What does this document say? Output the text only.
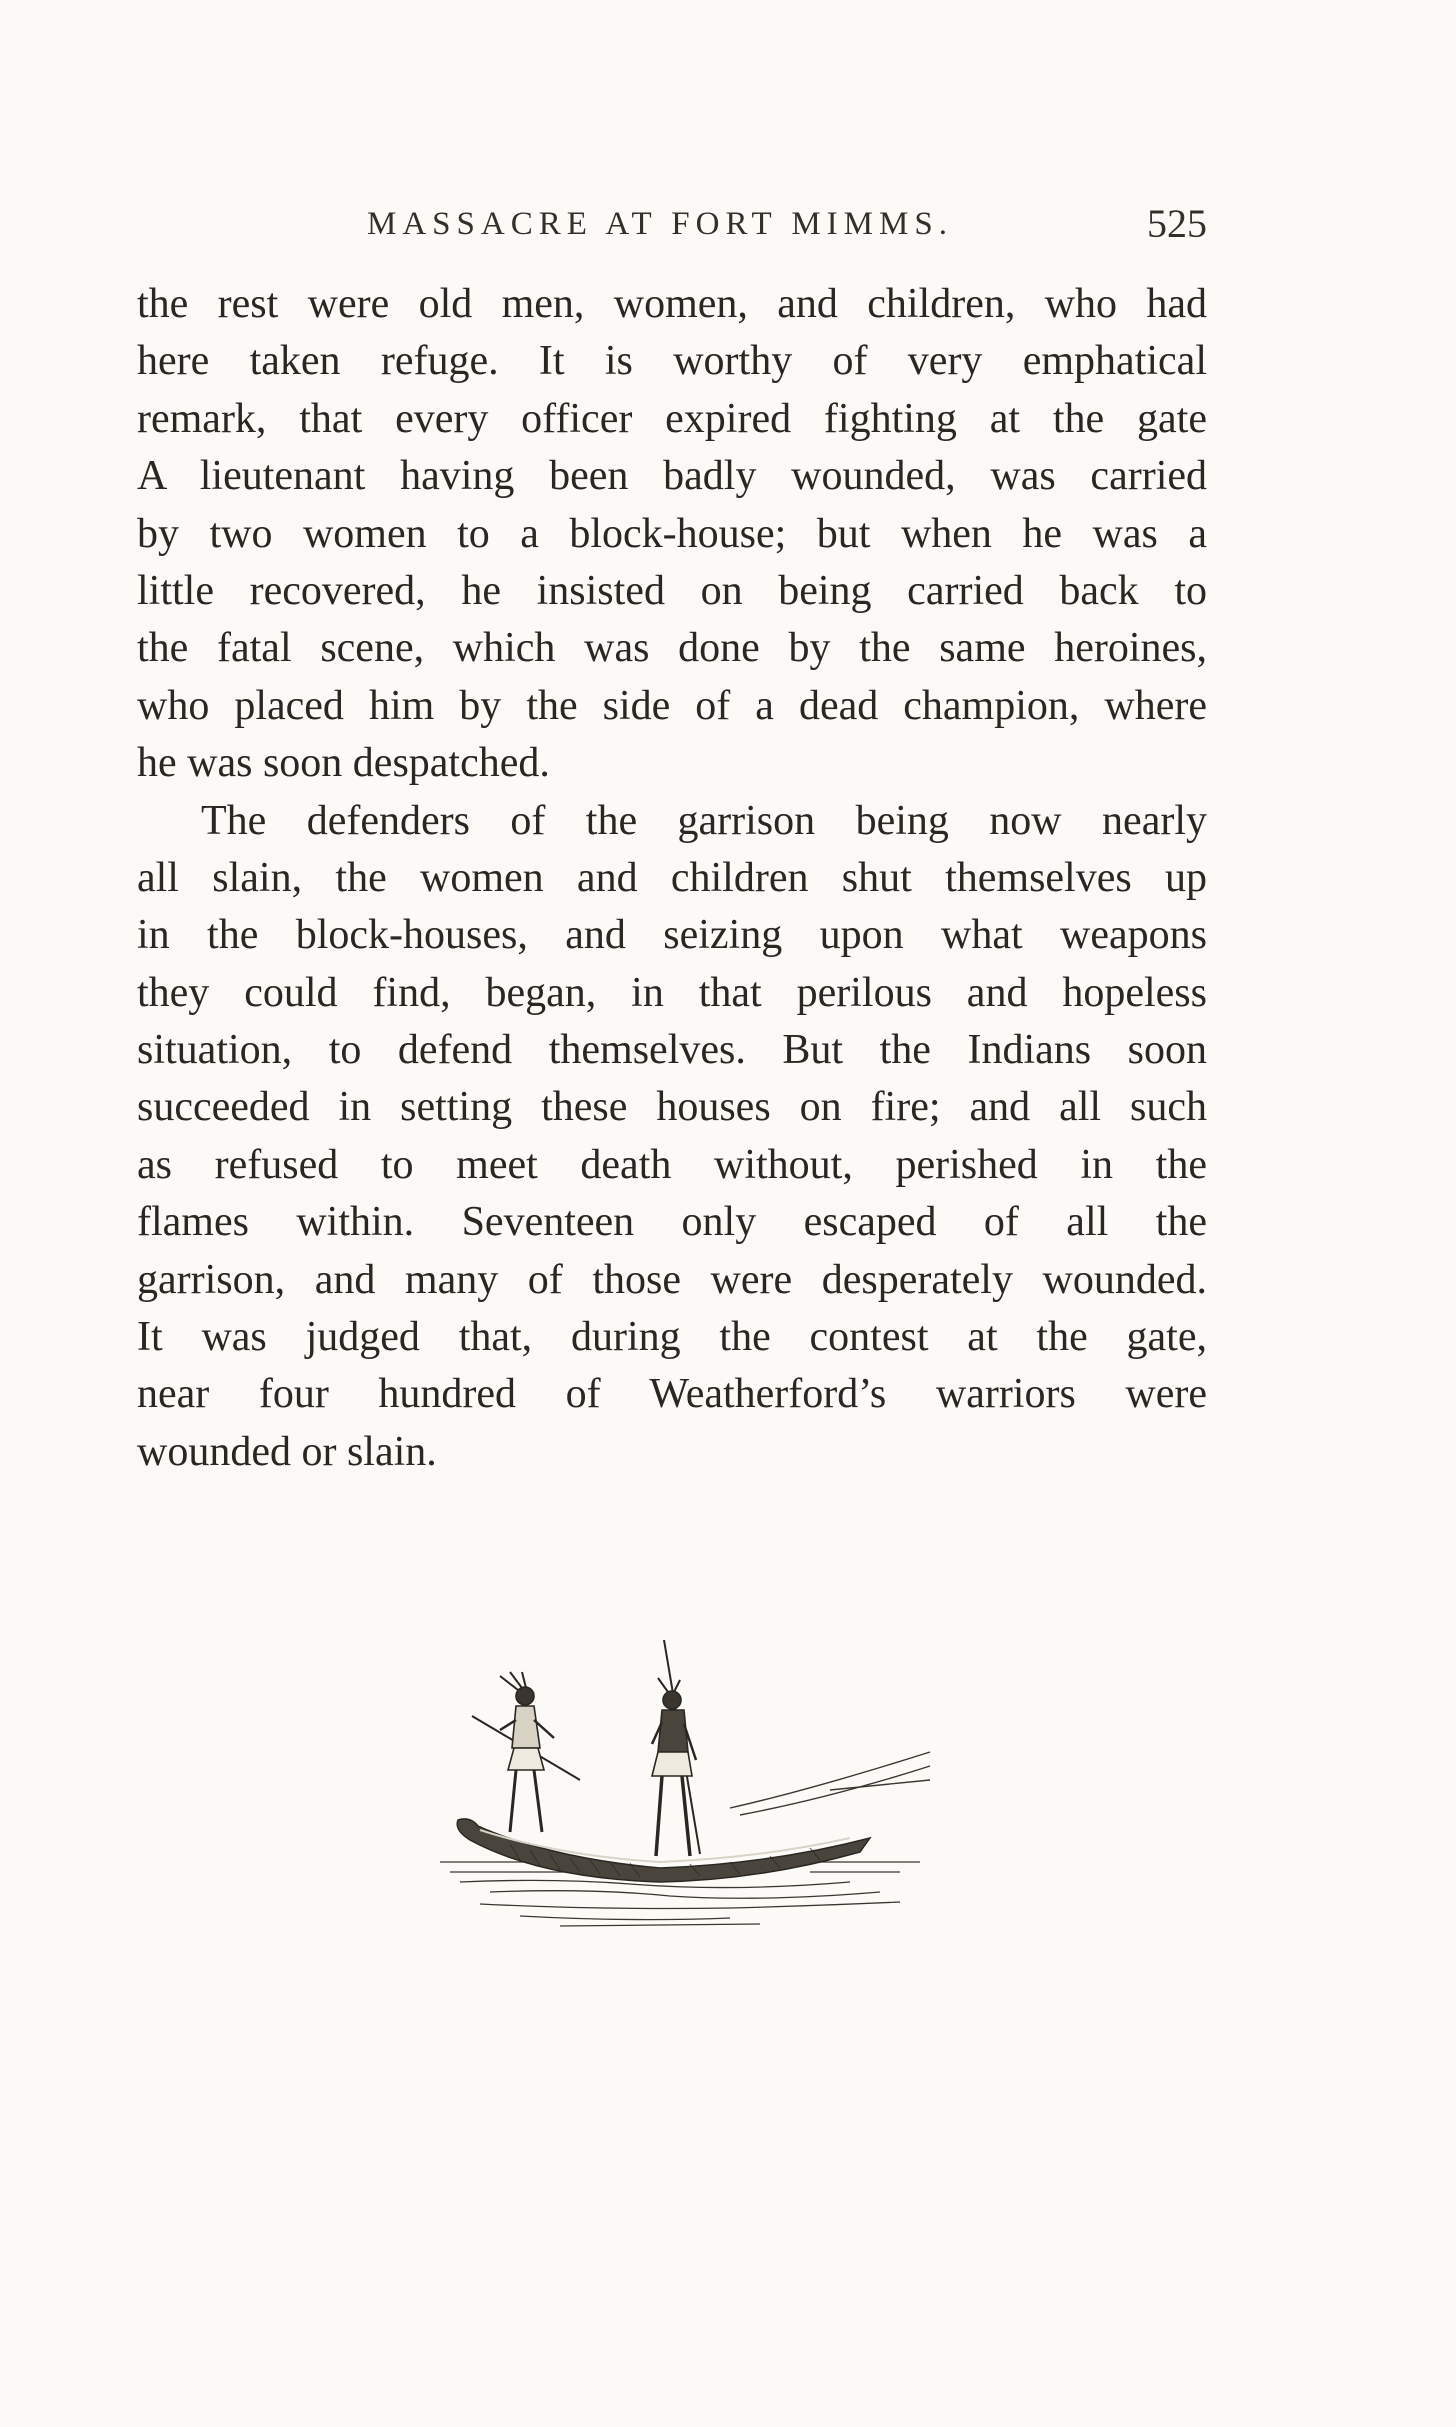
MASSACRE AT FORT MIMMS.	525
the rest were old men, women, and children, who had
here taken refuge. It is worthy of very emphatical
remark, that every officer expired fighting at the gate
A lieutenant having been badly wounded, was carried
by two women to a block-house; but when he was a
little recovered, he insisted on being carried back to
the fatal scene, which was done by the same heroines,
who placed him by the side of a dead champion, where
he was soon despatched.
The defenders of the garrison being now nearly
all slain, the women and children shut themselves up
in the block-houses, and seizing upon what weapons
they could find, began, in that perilous and hopeless
situation, to defend themselves. But the Indians soon
succeeded in setting these houses on fire; and all such
as refused to meet death without, perished in the
flames within. Seventeen only escaped of all the
garrison, and many of those were desperately wounded.
It was judged that, during the contest at the gate,
near four hundred of Weatherford’s warriors were
wounded or slain.
